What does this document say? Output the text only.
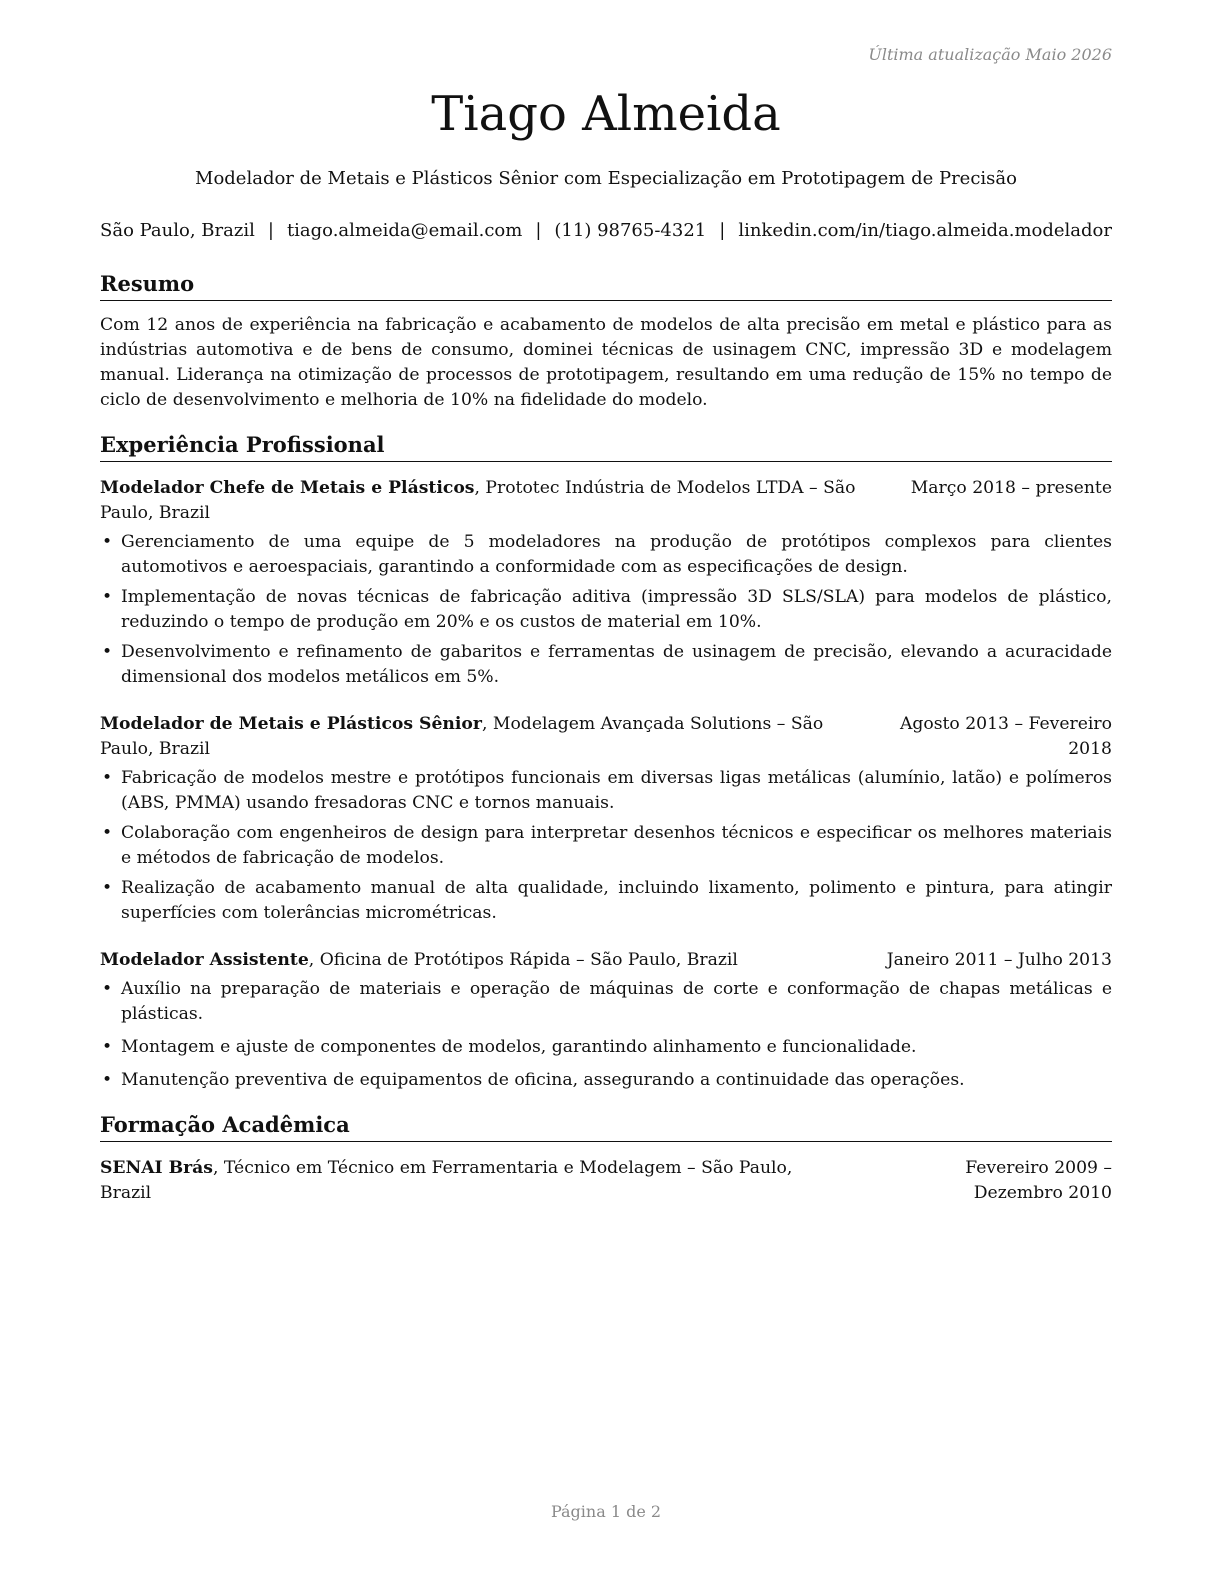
Última atualização Maio 2026
Tiago Almeida
Modelador de Metais e Plásticos Sênior com Especialização em Prototipagem de Precisão
São Paulo, Brazil | tiago.almeida@email.com | (11) 98765-4321 | linkedin.com/in/tiago.almeida.modelador
Resumo

Com 12 anos de experiência na fabricação e acabamento de modelos de alta precisão em metal e plástico para as indústrias automotiva e de bens de consumo, dominei técnicas de usinagem CNC, impressão 3D e modelagem manual. Liderança na otimização de processos de prototipagem, resultando em uma redução de 15% no tempo de ciclo de desenvolvimento e melhoria de 10% na fidelidade do modelo.

Experiência Profissional
Modelador Chefe de Metais e Plásticos, Prototec Indústria de Modelos LTDA – São Paulo, Brazil
Março 2018 – presente
• Gerenciamento de uma equipe de 5 modeladores na produção de protótipos complexos para clientes automotivos e aeroespaciais, garantindo a conformidade com as especificações de design.
• Implementação de novas técnicas de fabricação aditiva (impressão 3D SLS/SLA) para modelos de plástico, reduzindo o tempo de produção em 20% e os custos de material em 10%.
• Desenvolvimento e refinamento de gabaritos e ferramentas de usinagem de precisão, elevando a acuracidade dimensional dos modelos metálicos em 5%.
Modelador de Metais e Plásticos Sênior, Modelagem Avançada Solutions – São Paulo, Brazil
Agosto 2013 – Fevereiro 2018
• Fabricação de modelos mestre e protótipos funcionais em diversas ligas metálicas (alumínio, latão) e polímeros (ABS, PMMA) usando fresadoras CNC e tornos manuais.
• Colaboração com engenheiros de design para interpretar desenhos técnicos e especificar os melhores materiais e métodos de fabricação de modelos.
• Realização de acabamento manual de alta qualidade, incluindo lixamento, polimento e pintura, para atingir superfícies com tolerâncias micrométricas.
Modelador Assistente, Oficina de Protótipos Rápida – São Paulo, Brazil	Janeiro 2011 – Julho 2013
• Auxílio na preparação de materiais e operação de máquinas de corte e conformação de chapas metálicas e plásticas.
• Montagem e ajuste de componentes de modelos, garantindo alinhamento e funcionalidade.
• Manutenção preventiva de equipamentos de oficina, assegurando a continuidade das operações.
Formação Acadêmica
SENAI Brás, Técnico em Técnico em Ferramentaria e Modelagem – São Paulo, Brazil
Fevereiro 2009 – Dezembro 2010
Página 1 de 2
